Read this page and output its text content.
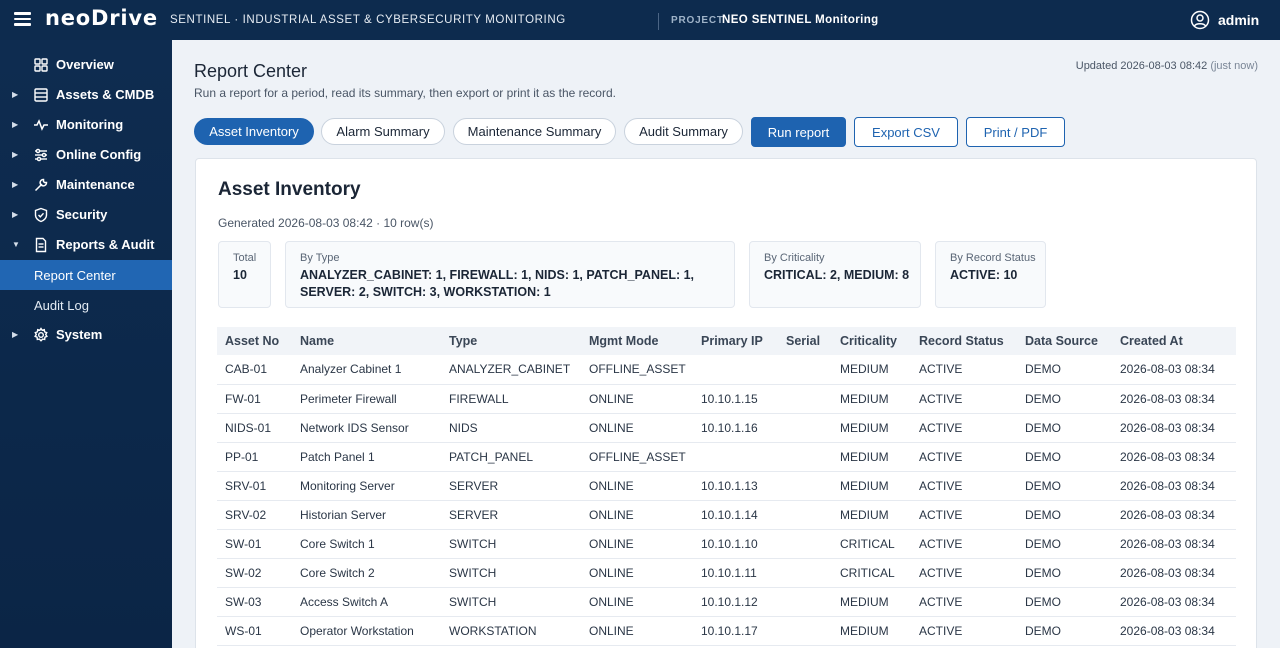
neoDrive SENTINEL · INDUSTRIAL ASSET & CYBERSECURITY MONITORING	PROJECT
NEO SENTINEL Monitoring	admin
Overview
▶	Assets & CMDB
▶	Monitoring
▶	Online Config
▶	Maintenance
▶	Security
▼	Reports & Audit
Report Center
Audit Log
▶	System
Report Center
Run a report for a period, read its summary, then export or print it as the record.
Updated 2026-08-03 08:42 (just now)
Asset Inventory	Alarm Summary	Maintenance Summary	Audit Summary	Run report	Export CSV	Print / PDF
Asset Inventory
Generated 2026-08-03 08:42 · 10 row(s)
Total
10
By Type
ANALYZER_CABINET: 1, FIREWALL: 1, NIDS: 1, PATCH_PANEL: 1, SERVER: 2, SWITCH: 3, WORKSTATION: 1
By Criticality
CRITICAL: 2, MEDIUM: 8
By Record Status
ACTIVE: 10
Asset No	Name	Type	Mgmt Mode	Primary IP	Serial	Criticality	Record Status	Data Source	Created At
CAB-01	Analyzer Cabinet 1	ANALYZER_CABINET	OFFLINE_ASSET			MEDIUM	ACTIVE	DEMO	2026-08-03 08:34
FW-01	Perimeter Firewall	FIREWALL	ONLINE	10.10.1.15		MEDIUM	ACTIVE	DEMO	2026-08-03 08:34
NIDS-01	Network IDS Sensor	NIDS	ONLINE	10.10.1.16		MEDIUM	ACTIVE	DEMO	2026-08-03 08:34
PP-01	Patch Panel 1	PATCH_PANEL	OFFLINE_ASSET			MEDIUM	ACTIVE	DEMO	2026-08-03 08:34
SRV-01	Monitoring Server	SERVER	ONLINE	10.10.1.13		MEDIUM	ACTIVE	DEMO	2026-08-03 08:34
SRV-02	Historian Server	SERVER	ONLINE	10.10.1.14		MEDIUM	ACTIVE	DEMO	2026-08-03 08:34
SW-01	Core Switch 1	SWITCH	ONLINE	10.10.1.10		CRITICAL	ACTIVE	DEMO	2026-08-03 08:34
SW-02	Core Switch 2	SWITCH	ONLINE	10.10.1.11		CRITICAL	ACTIVE	DEMO	2026-08-03 08:34
SW-03	Access Switch A	SWITCH	ONLINE	10.10.1.12		MEDIUM	ACTIVE	DEMO	2026-08-03 08:34
WS-01	Operator Workstation	WORKSTATION	ONLINE	10.10.1.17		MEDIUM	ACTIVE	DEMO	2026-08-03 08:34
